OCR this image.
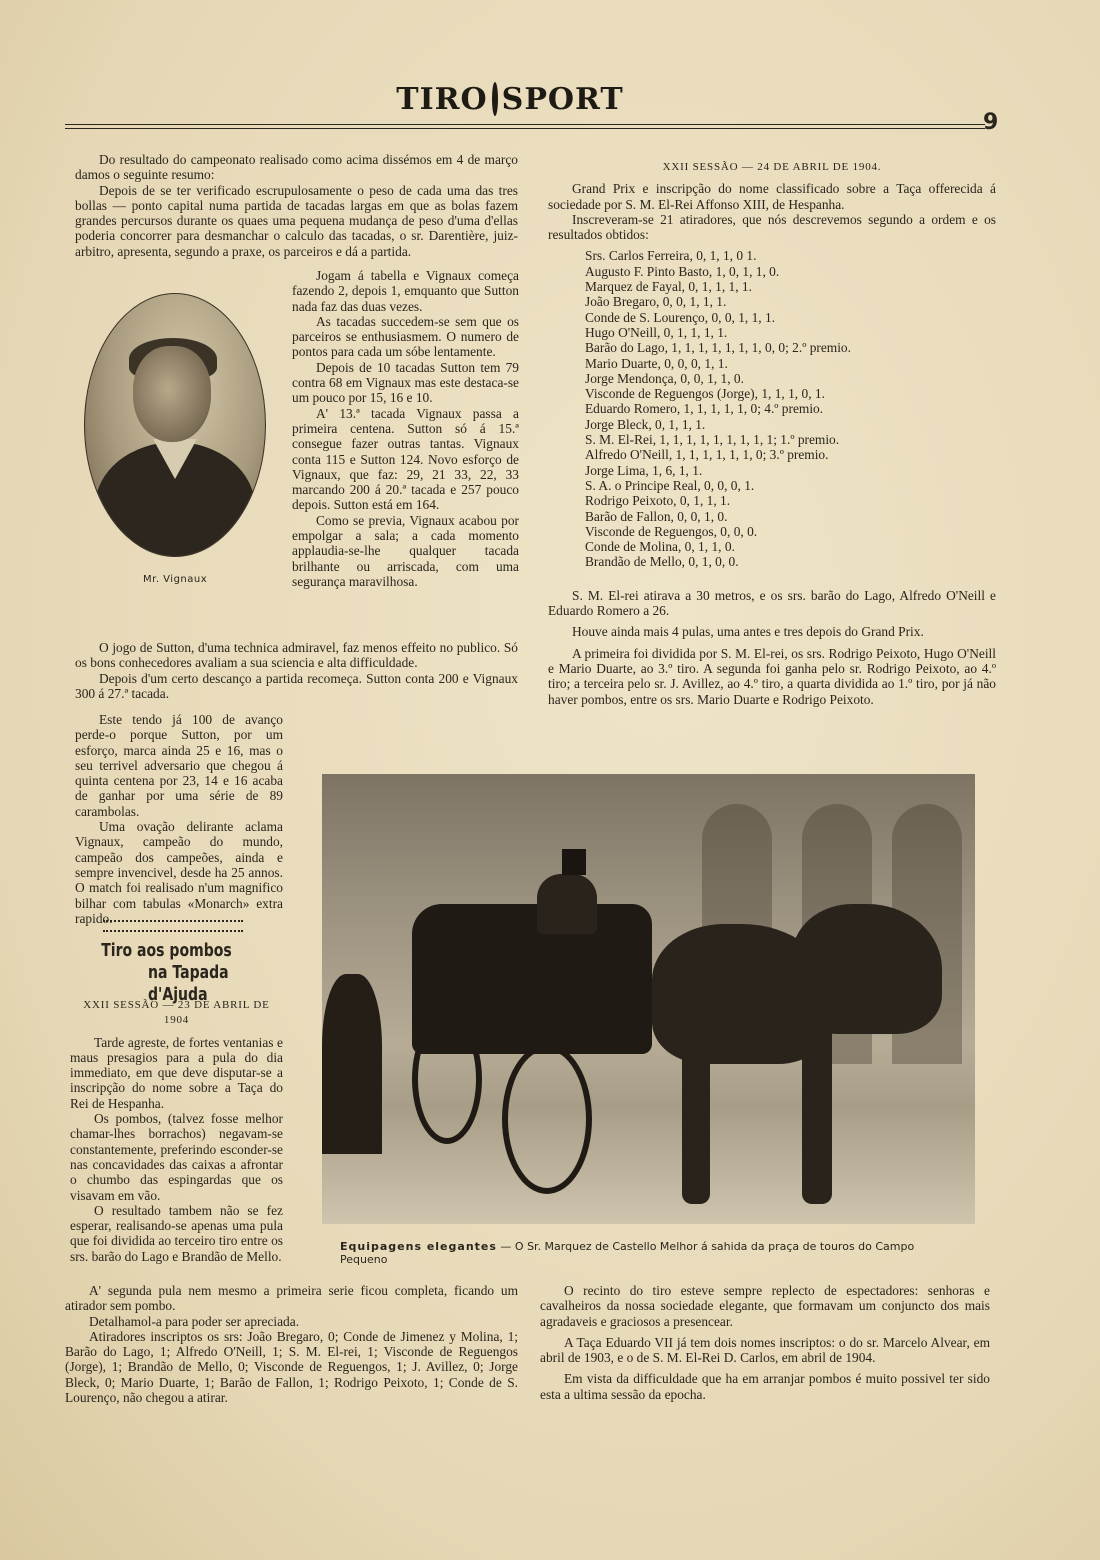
TIRO SPORT
9

Do resultado do campeonato realisado como acima dissémos em 4 de março damos o seguinte resumo:

Depois de se ter verificado escrupulosamente o peso de cada uma das tres bollas — ponto capital numa partida de tacadas largas em que as bolas fazem grandes percursos durante os quaes uma pequena mudança de peso d'uma d'ellas poderia concorrer para desmanchar o calculo das tacadas, o sr. Darentière, juiz-arbitro, apresenta, segundo a praxe, os parceiros e dá a partida.

Mr. Vignaux

Jogam á tabella e Vignaux começa fazendo 2, depois 1, emquanto que Sutton nada faz das duas vezes.

As tacadas succedem-se sem que os parceiros se enthusiasmem. O numero de pontos para cada um sóbe lentamente.

Depois de 10 tacadas Sutton tem 79 contra 68 em Vignaux mas este destaca-se um pouco por 15, 16 e 10.

A' 13.ª tacada Vignaux passa a primeira centena. Sutton só á 15.ª consegue fazer outras tantas. Vignaux conta 115 e Sutton 124. Novo esforço de Vignaux, que faz: 29, 21 33, 22, 33 marcando 200 á 20.ª tacada e 257 pouco depois. Sutton está em 164.

Como se previa, Vignaux acabou por empolgar a sala; a cada momento applaudia-se-lhe qualquer tacada brilhante ou arriscada, com uma segurança maravilhosa.

O jogo de Sutton, d'uma technica admiravel, faz menos effeito no publico. Só os bons conhecedores avaliam a sua sciencia e alta difficuldade.

Depois d'um certo descanço a partida recomeça. Sutton conta 200 e Vignaux 300 á 27.ª tacada.

Este tendo já 100 de avanço perde-o porque Sutton, por um esforço, marca ainda 25 e 16, mas o seu terrivel adversario que chegou á quinta centena por 23, 14 e 16 acaba de ganhar por uma série de 89 carambolas.

Uma ovação delirante aclama Vignaux, campeão do mundo, campeão dos campeões, ainda e sempre invencivel, desde ha 25 annos. O match foi realisado n'um magnifico bilhar com tabulas «Monarch» extra rapido.

Tiro aos pombos
na Tapada d'Ajuda

XXII SESSÃO — 23 DE ABRIL DE 1904

Tarde agreste, de fortes ventanias e maus presagios para a pula do dia immediato, em que deve disputar-se a inscripção do nome sobre a Taça do Rei de Hespanha.

Os pombos, (talvez fosse melhor chamar-lhes borrachos) negavam-se constantemente, preferindo esconder-se nas concavidades das caixas a afrontar o chumbo das espingardas que os visavam em vão.

O resultado tambem não se fez esperar, realisando-se apenas uma pula que foi dividida ao terceiro tiro entre os srs. barão do Lago e Brandão de Mello.

A' segunda pula nem mesmo a primeira serie ficou completa, ficando um atirador sem pombo.

Detalhamol-a para poder ser apreciada.

Atiradores inscriptos os srs: João Bregaro, 0; Conde de Jimenez y Molina, 1; Barão do Lago, 1; Alfredo O'Neill, 1; S. M. El-rei, 1; Visconde de Reguengos (Jorge), 1; Brandão de Mello, 0; Visconde de Reguengos, 1; J. Avillez, 0; Jorge Bleck, 0; Mario Duarte, 1; Barão de Fallon, 1; Rodrigo Peixoto, 1; Conde de S. Lourenço, não chegou a atirar.

XXII SESSÃO — 24 DE ABRIL DE 1904.

Grand Prix e inscripção do nome classificado sobre a Taça offerecida á sociedade por S. M. El-Rei Affonso XIII, de Hespanha.

Inscreveram-se 21 atiradores, que nós descrevemos segundo a ordem e os resultados obtidos:

Srs. Carlos Ferreira, 0, 1, 1, 0 1.
Augusto F. Pinto Basto, 1, 0, 1, 1, 0.
Marquez de Fayal, 0, 1, 1, 1, 1.
João Bregaro, 0, 0, 1, 1, 1.
Conde de S. Lourenço, 0, 0, 1, 1, 1.
Hugo O'Neill, 0, 1, 1, 1, 1.
Barão do Lago, 1, 1, 1, 1, 1, 1, 1, 0, 0; 2.º premio.
Mario Duarte, 0, 0, 0, 1, 1.
Jorge Mendonça, 0, 0, 1, 1, 0.
Visconde de Reguengos (Jorge), 1, 1, 1, 0, 1.
Eduardo Romero, 1, 1, 1, 1, 1, 0; 4.º premio.
Jorge Bleck, 0, 1, 1, 1.
S. M. El-Rei, 1, 1, 1, 1, 1, 1, 1, 1, 1; 1.º premio.
Alfredo O'Neill, 1, 1, 1, 1, 1, 1, 0; 3.º premio.
Jorge Lima, 1, 6, 1, 1.
S. A. o Principe Real, 0, 0, 0, 1.
Rodrigo Peixoto, 0, 1, 1, 1.
Barão de Fallon, 0, 0, 1, 0.
Visconde de Reguengos, 0, 0, 0.
Conde de Molina, 0, 1, 1, 0.
Brandão de Mello, 0, 1, 0, 0.

S. M. El-rei atirava a 30 metros, e os srs. barão do Lago, Alfredo O'Neill e Eduardo Romero a 26.

Houve ainda mais 4 pulas, uma antes e tres depois do Grand Prix.

A primeira foi dividida por S. M. El-rei, os srs. Rodrigo Peixoto, Hugo O'Neill e Mario Duarte, ao 3.º tiro. A segunda foi ganha pelo sr. Rodrigo Peixoto, ao 4.º tiro; a terceira pelo sr. J. Avillez, ao 4.º tiro, a quarta dividida ao 1.º tiro, por já não haver pombos, entre os srs. Mario Duarte e Rodrigo Peixoto.

Equipagens elegantes — O Sr. Marquez de Castello Melhor á sahida da praça de touros do Campo Pequeno

O recinto do tiro esteve sempre replecto de espectadores: senhoras e cavalheiros da nossa sociedade elegante, que formavam um conjuncto dos mais agradaveis e graciosos a presencear.

A Taça Eduardo VII já tem dois nomes inscriptos: o do sr. Marcelo Alvear, em abril de 1903, e o de S. M. El-Rei D. Carlos, em abril de 1904.

Em vista da difficuldade que ha em arranjar pombos é muito possivel ter sido esta a ultima sessão da epocha.
